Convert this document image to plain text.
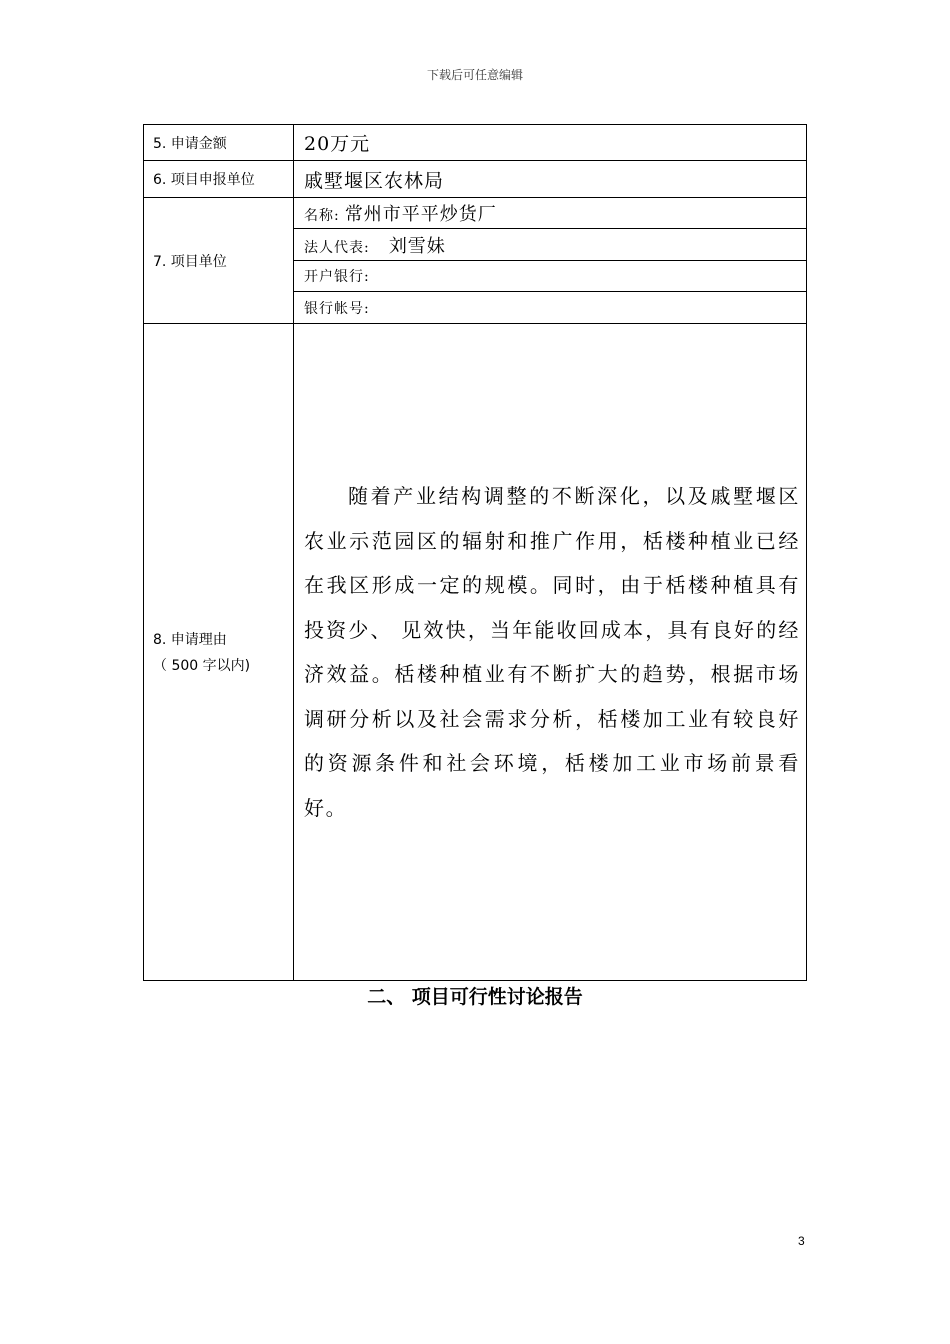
下载后可任意编辑
5. 申请金额	20万元
6. 项目申报单位	戚墅堰区农林局
7. 项目单位	名称: 常州市平平炒货厂
	法人代表: 刘雪妹
	开户银行:
	银行帐号:

8. 申请理由
（ 500 字以内)	随着产业结构调整的不断深化，以及戚墅堰区农业示范园区的辐射和推广作用，栝楼种植业已经在我区形成一定的规模。同时，由于栝楼种植具有投资少、 见效快，当年能收回成本，具有良好的经济效益。栝楼种植业有不断扩大的趋势，根据市场调研分析以及社会需求分析，栝楼加工业有较良好的资源条件和社会环境，栝楼加工业市场前景看好。
二、 项目可行性讨论报告
3
